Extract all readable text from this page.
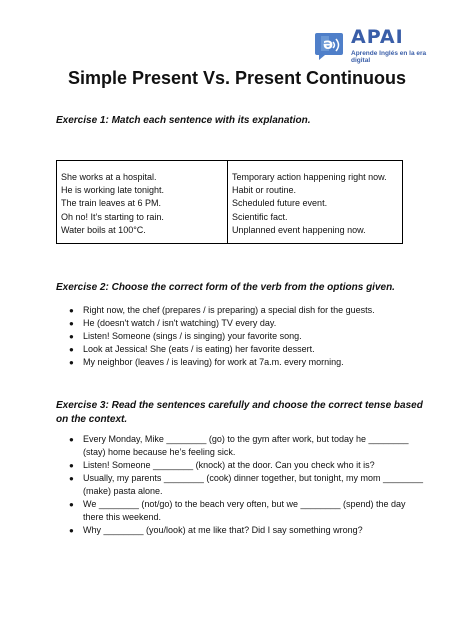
ə APAI
Aprende Inglés en la era digital
Simple Present Vs. Present Continuous
Exercise 1: Match each sentence with its explanation.
She works at a hospital.
He is working late tonight.
The train leaves at 6 PM.
Oh no! It’s starting to rain.
Water boils at 100°C.
Temporary action happening right now.
Habit or routine.
Scheduled future event.
Scientific fact.
Unplanned event happening now.
Exercise 2: Choose the correct form of the verb from the options given.
● Right now, the chef (prepares / is preparing) a special dish for the guests.
● He (doesn't watch / isn't watching) TV every day.
● Listen! Someone (sings / is singing) your favorite song.
● Look at Jessica! She (eats / is eating) her favorite dessert.
● My neighbor (leaves / is leaving) for work at 7a.m. every morning.
Exercise 3: Read the sentences carefully and choose the correct tense based on the context.
● Every Monday, Mike ________ (go) to the gym after work, but today he ________ (stay) home because he’s feeling sick.
● Listen! Someone ________ (knock) at the door. Can you check who it is?
● Usually, my parents ________ (cook) dinner together, but tonight, my mom ________ (make) pasta alone.
● We ________ (not/go) to the beach very often, but we ________ (spend) the day there this weekend.
● Why ________ (you/look) at me like that? Did I say something wrong?
